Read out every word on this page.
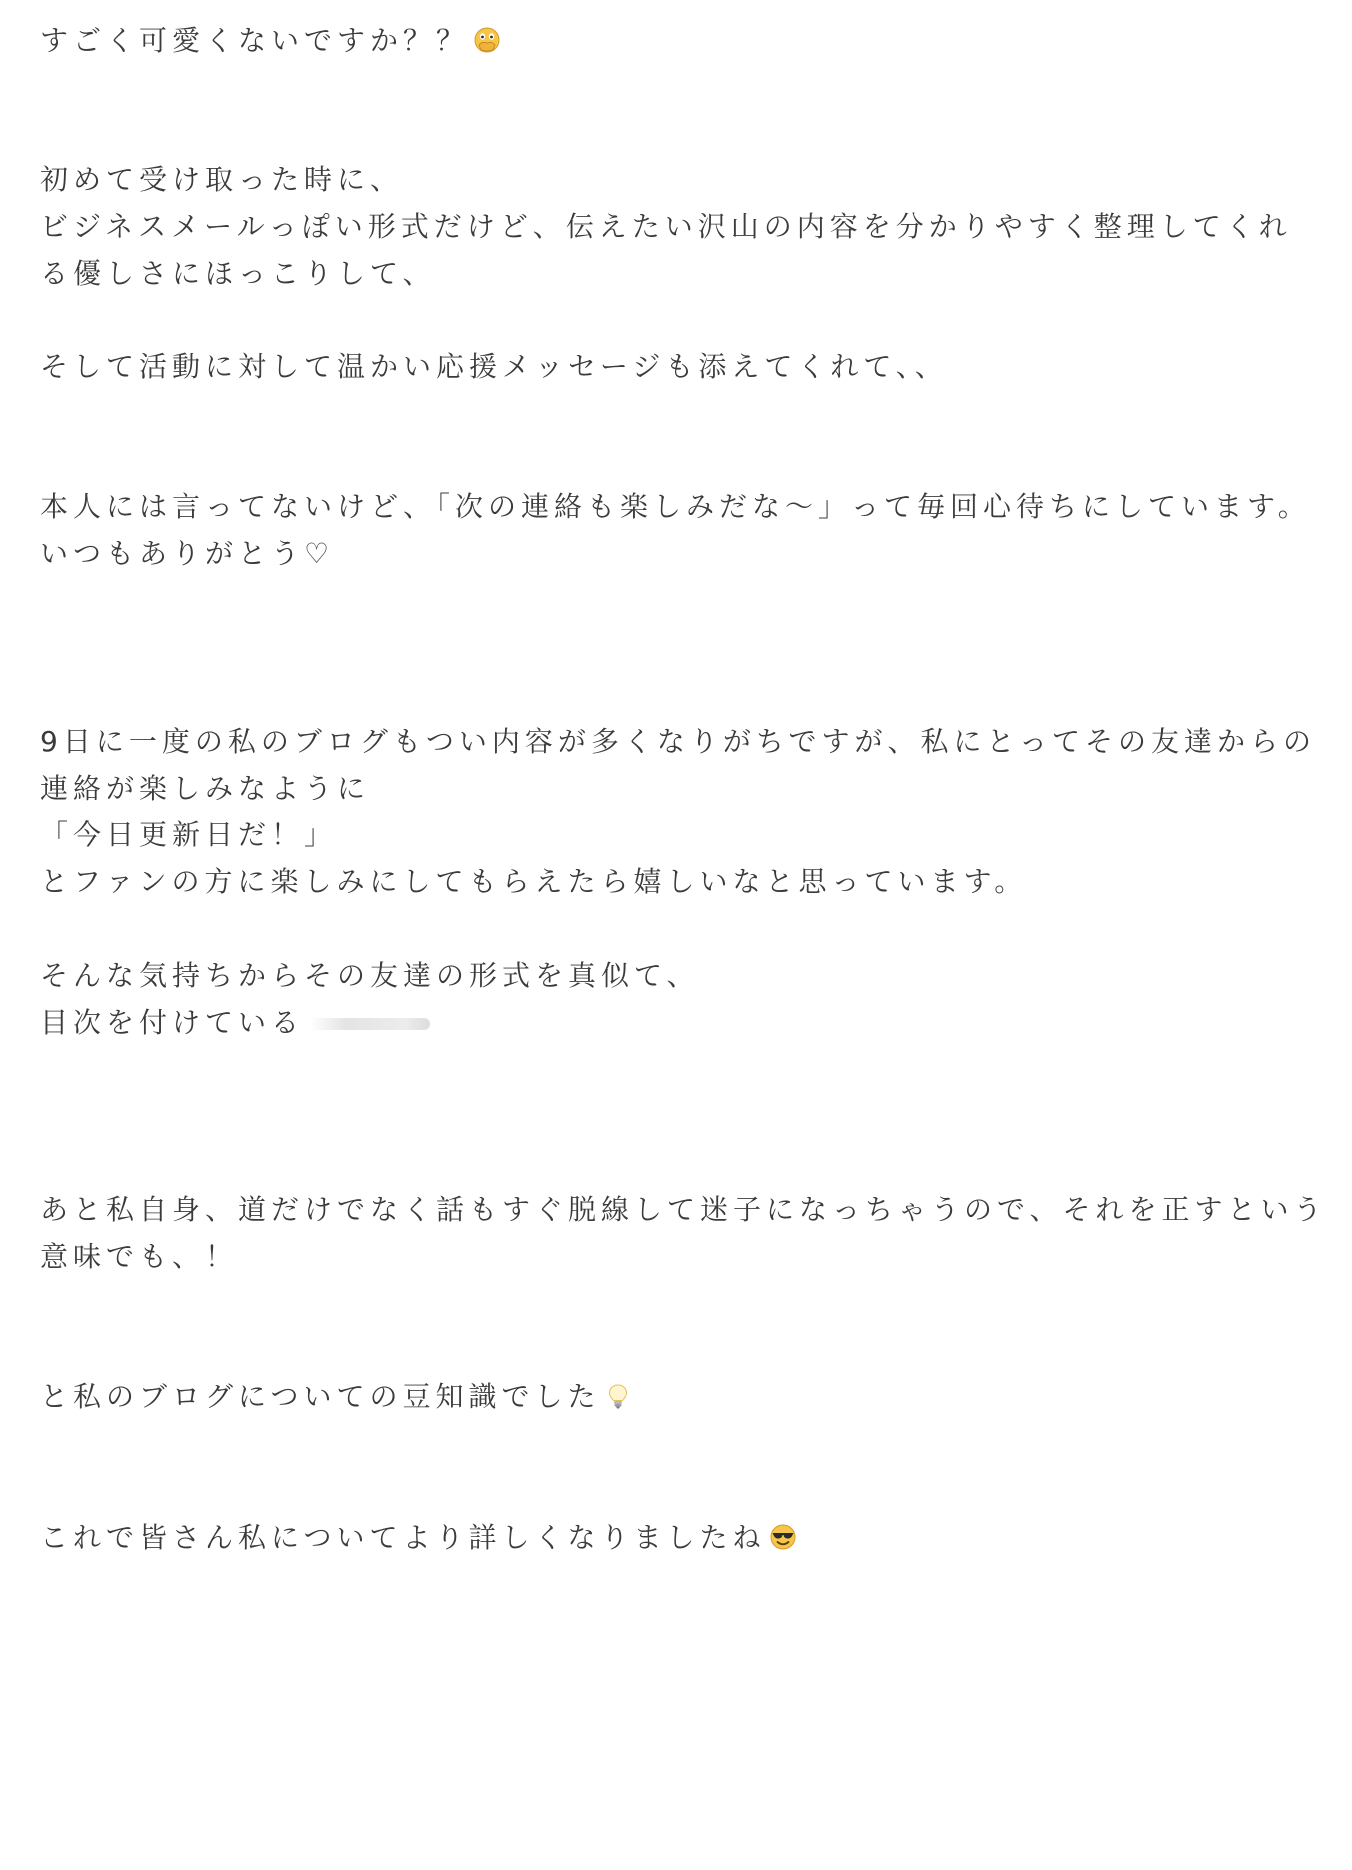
すごく可愛くないですか？？

初めて受け取った時に、

ビジネスメールっぽい形式だけど、伝えたい沢山の内容を分かりやすく整理してくれ

る優しさにほっこりして、

そして活動に対して温かい応援メッセージも添えてくれて、、

本人には言ってないけど、「次の連絡も楽しみだな〜」って毎回心待ちにしています。

いつもありがとう♡

9日に一度の私のブログもつい内容が多くなりがちですが、私にとってその友達からの

連絡が楽しみなように

「今日更新日だ！」

とファンの方に楽しみにしてもらえたら嬉しいなと思っています。

そんな気持ちからその友達の形式を真似て、

目次を付けている

あと私自身、道だけでなく話もすぐ脱線して迷子になっちゃうので、それを正すという

意味でも、！

と私のブログについての豆知識でした

これで皆さん私についてより詳しくなりましたね
